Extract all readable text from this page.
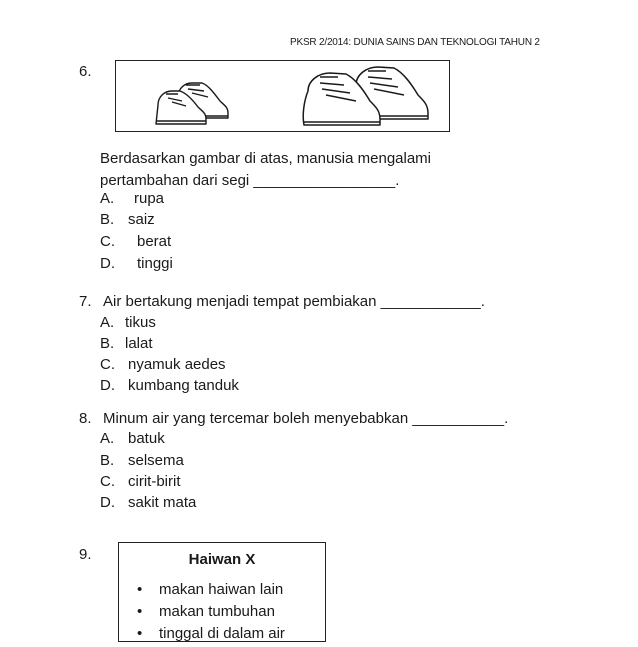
PKSR 2/2014: DUNIA SAINS DAN TEKNOLOGI TAHUN 2
6.
Berdasarkan gambar di atas, manusia mengalami
pertambahan dari segi _________________.
A. rupa
B. saiz
C. berat
D. tinggi
7. Air bertakung menjadi tempat pembiakan ____________.
A. tikus
B. lalat
C. nyamuk aedes
D. kumbang tanduk
8. Minum air yang tercemar boleh menyebabkan ___________.
A. batuk
B. selsema
C. cirit-birit
D. sakit mata
9.	Haiwan X
• makan haiwan lain
• makan tumbuhan
• tinggal di dalam air
